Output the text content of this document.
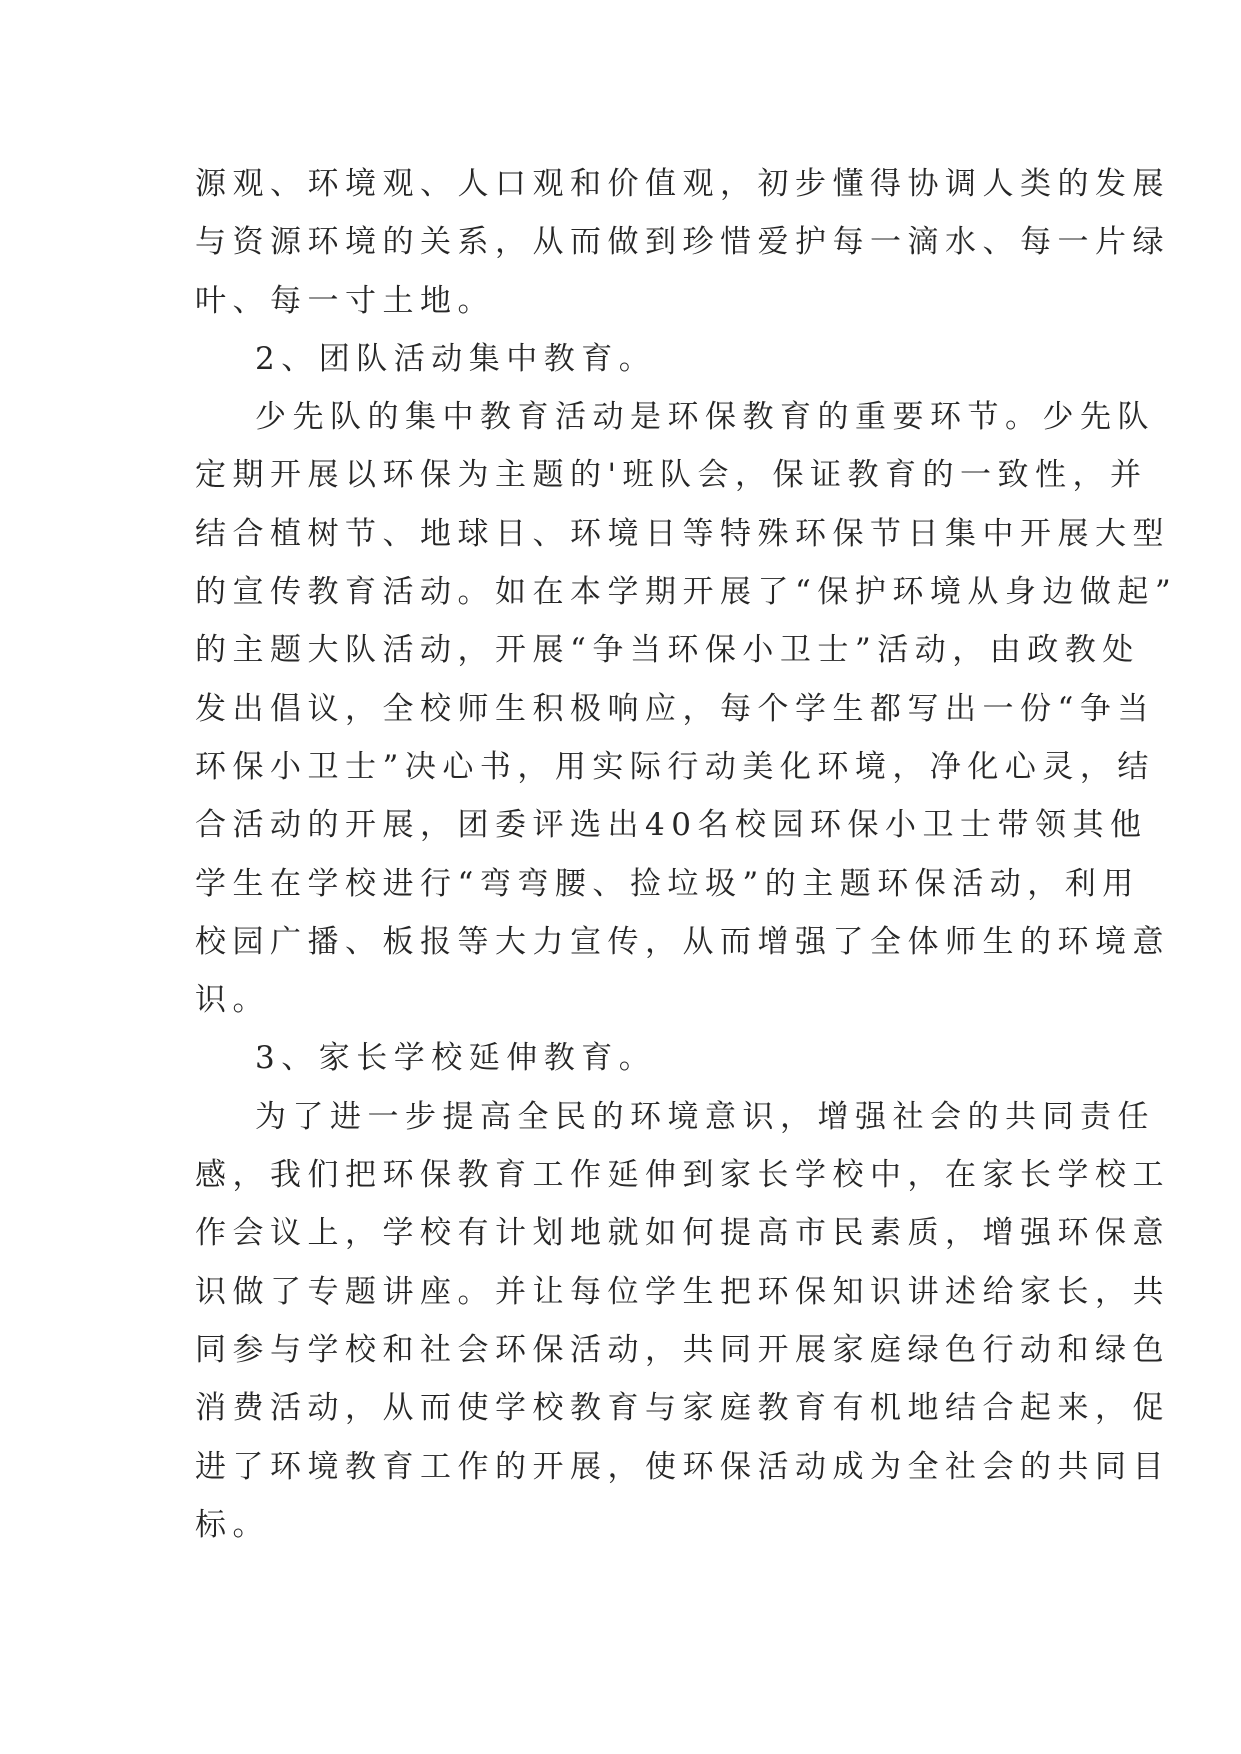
源观、环境观、人口观和价值观，初步懂得协调人类的发展
与资源环境的关系，从而做到珍惜爱护每一滴水、每一片绿
叶、每一寸土地。
2、团队活动集中教育。
少先队的集中教育活动是环保教育的重要环节。少先队
定期开展以环保为主题的'班队会，保证教育的一致性，并
结合植树节、地球日、环境日等特殊环保节日集中开展大型
的宣传教育活动。如在本学期开展了“保护环境从身边做起”
的主题大队活动，开展“争当环保小卫士”活动，由政教处
发出倡议，全校师生积极响应，每个学生都写出一份“争当
环保小卫士”决心书，用实际行动美化环境，净化心灵，结
合活动的开展，团委评选出40名校园环保小卫士带领其他
学生在学校进行“弯弯腰、捡垃圾”的主题环保活动，利用
校园广播、板报等大力宣传，从而增强了全体师生的环境意
识。
3、家长学校延伸教育。
为了进一步提高全民的环境意识，增强社会的共同责任
感，我们把环保教育工作延伸到家长学校中，在家长学校工
作会议上，学校有计划地就如何提高市民素质，增强环保意
识做了专题讲座。并让每位学生把环保知识讲述给家长，共
同参与学校和社会环保活动，共同开展家庭绿色行动和绿色
消费活动，从而使学校教育与家庭教育有机地结合起来，促
进了环境教育工作的开展，使环保活动成为全社会的共同目
标。
